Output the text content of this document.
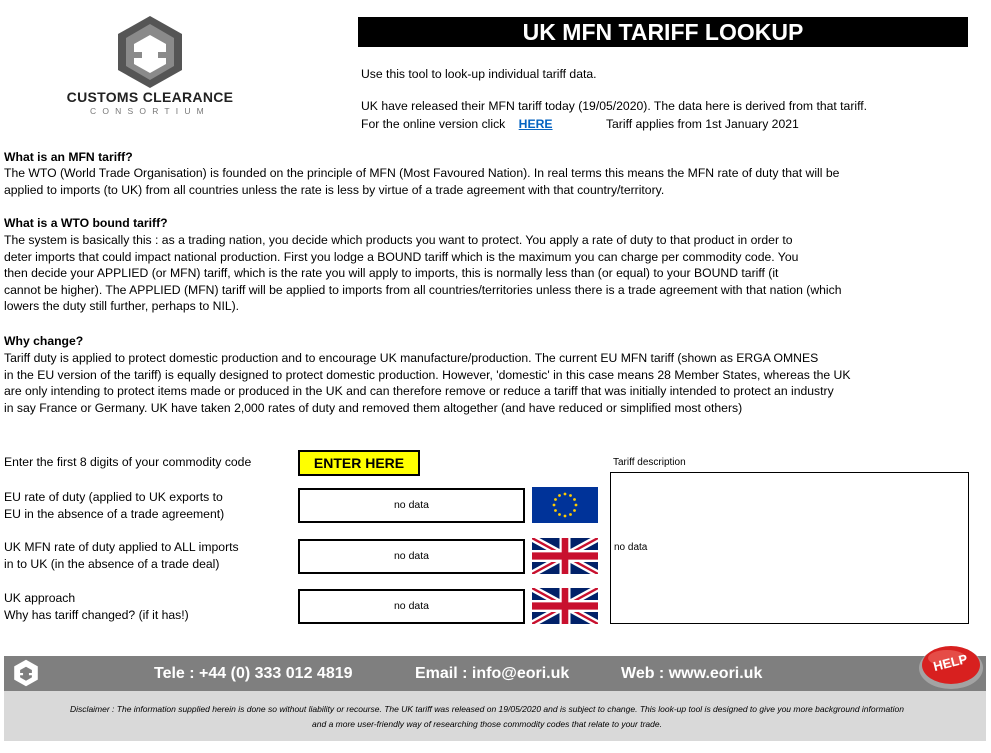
CUSTOMS CLEARANCE
CONSORTIUM
UK MFN TARIFF LOOKUP
Use this tool to look-up individual tariff data.
UK have released their MFN tariff today (19/05/2020). The data here is derived from that tariff.
For the online version click HERE	Tariff applies from 1st January 2021
What is an MFN tariff?
The WTO (World Trade Organisation) is founded on the principle of MFN (Most Favoured Nation). In real terms this means the MFN rate of duty that will be
applied to imports (to UK) from all countries unless the rate is less by virtue of a trade agreement with that country/territory.
What is a WTO bound tariff?
The system is basically this : as a trading nation, you decide which products you want to protect. You apply a rate of duty to that product in order to
deter imports that could impact national production. First you lodge a BOUND tariff which is the maximum you can charge per commodity code. You
then decide your APPLIED (or MFN) tariff, which is the rate you will apply to imports, this is normally less than (or equal) to your BOUND tariff (it
cannot be higher). The APPLIED (MFN) tariff will be applied to imports from all countries/territories unless there is a trade agreement with that nation (which
lowers the duty still further, perhaps to NIL).
Why change?
Tariff duty is applied to protect domestic production and to encourage UK manufacture/production. The current EU MFN tariff (shown as ERGA OMNES
in the EU version of the tariff) is equally designed to protect domestic production. However, 'domestic' in this case means 28 Member States, whereas the UK
are only intending to protect items made or produced in the UK and can therefore remove or reduce a tariff that was initially intended to protect an industry
in say France or Germany. UK have taken 2,000 rates of duty and removed them altogether (and have reduced or simplified most others)
Enter the first 8 digits of your commodity code	ENTER HERE
EU rate of duty (applied to UK exports to
EU in the absence of a trade agreement)
no data
UK MFN rate of duty applied to ALL imports
in to UK (in the absence of a trade deal)
no data
UK approach
Why has tariff changed? (if it has!)
no data
Tariff description
no data
Tele : +44 (0) 333 012 4819	Email : info@eori.uk	Web : www.eori.uk
Disclaimer : The information supplied herein is done so without liability or recourse. The UK tariff was released on 19/05/2020 and is subject to change. This look-up tool is designed to give you more background information
and a more user-friendly way of researching those commodity codes that relate to your trade.
HELP
